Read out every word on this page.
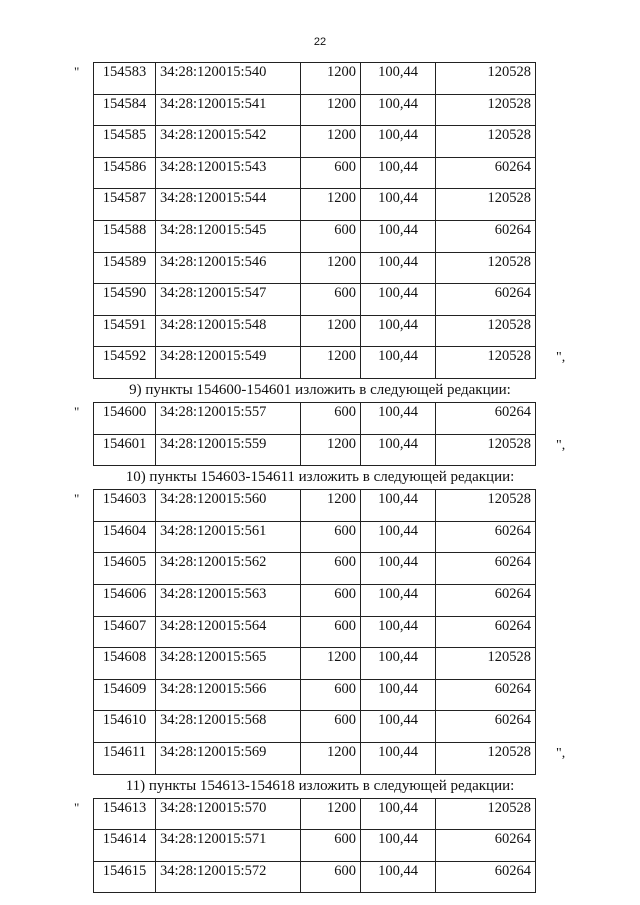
22
" 154583	34:28:120015:540	1200	100,44	120528
154584	34:28:120015:541	1200	100,44	120528
154585	34:28:120015:542	1200	100,44	120528
154586	34:28:120015:543	600	100,44	60264
154587	34:28:120015:544	1200	100,44	120528
154588	34:28:120015:545	600	100,44	60264
154589	34:28:120015:546	1200	100,44	120528
154590	34:28:120015:547	600	100,44	60264
154591	34:28:120015:548	1200	100,44	120528
154592	34:28:120015:549	1200	100,44	120528 ",
9) пункты 154600-154601 изложить в следующей редакции:
" 154600	34:28:120015:557	600	100,44	60264
154601	34:28:120015:559	1200	100,44	120528 ",
10) пункты 154603-154611 изложить в следующей редакции:
" 154603	34:28:120015:560	1200	100,44	120528
154604	34:28:120015:561	600	100,44	60264
154605	34:28:120015:562	600	100,44	60264
154606	34:28:120015:563	600	100,44	60264
154607	34:28:120015:564	600	100,44	60264
154608	34:28:120015:565	1200	100,44	120528
154609	34:28:120015:566	600	100,44	60264
154610	34:28:120015:568	600	100,44	60264
154611	34:28:120015:569	1200	100,44	120528 ",
11) пункты 154613-154618 изложить в следующей редакции:
" 154613	34:28:120015:570	1200	100,44	120528
154614	34:28:120015:571	600	100,44	60264
154615	34:28:120015:572	600	100,44	60264
